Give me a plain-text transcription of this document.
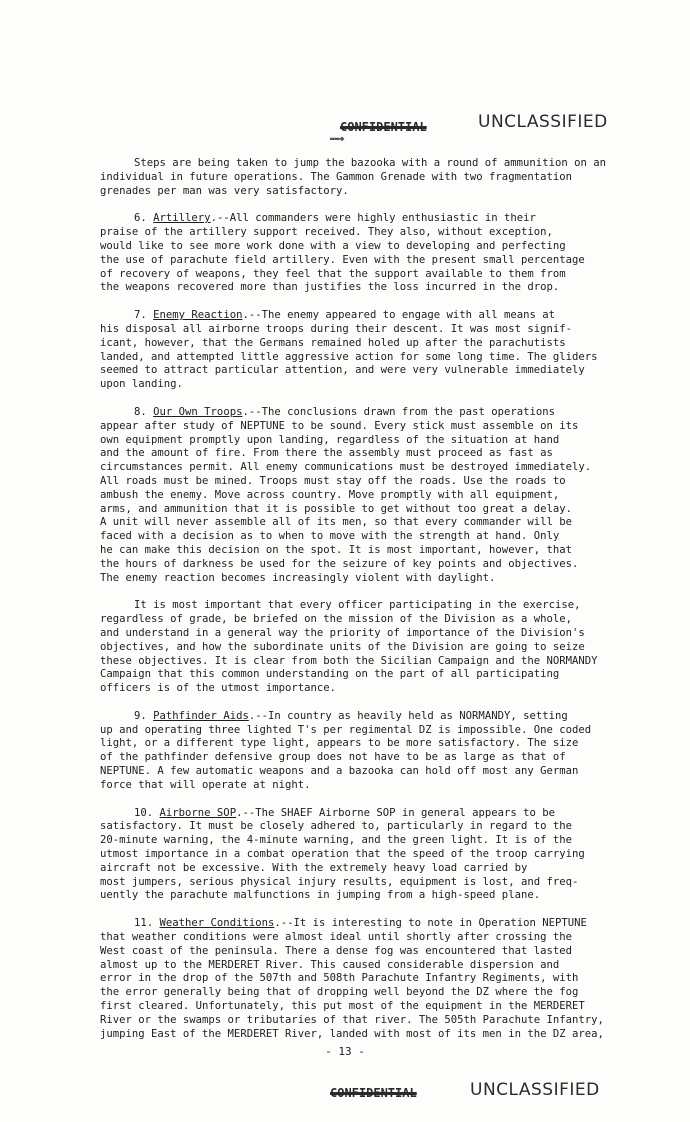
CONFIDENTIAL	UNCLASSIFIED
▬▬◆

Steps are being taken to jump the bazooka with a round of ammunition on an
individual in future operations. The Gammon Grenade with two fragmentation
grenades per man was very satisfactory.

6. Artillery.--All commanders were highly enthusiastic in their
praise of the artillery support received. They also, without exception,
would like to see more work done with a view to developing and perfecting
the use of parachute field artillery. Even with the present small percentage
of recovery of weapons, they feel that the support available to them from
the weapons recovered more than justifies the loss incurred in the drop.

7. Enemy Reaction.--The enemy appeared to engage with all means at
his disposal all airborne troops during their descent. It was most signif-
icant, however, that the Germans remained holed up after the parachutists
landed, and attempted little aggressive action for some long time. The gliders
seemed to attract particular attention, and were very vulnerable immediately
upon landing.

8. Our Own Troops.--The conclusions drawn from the past operations
appear after study of NEPTUNE to be sound. Every stick must assemble on its
own equipment promptly upon landing, regardless of the situation at hand
and the amount of fire. From there the assembly must proceed as fast as
circumstances permit. All enemy communications must be destroyed immediately.
All roads must be mined. Troops must stay off the roads. Use the roads to
ambush the enemy. Move across country. Move promptly with all equipment,
arms, and ammunition that it is possible to get without too great a delay.
A unit will never assemble all of its men, so that every commander will be
faced with a decision as to when to move with the strength at hand. Only
he can make this decision on the spot. It is most important, however, that
the hours of darkness be used for the seizure of key points and objectives.
The enemy reaction becomes increasingly violent with daylight.

It is most important that every officer participating in the exercise,
regardless of grade, be briefed on the mission of the Division as a whole,
and understand in a general way the priority of importance of the Division's
objectives, and how the subordinate units of the Division are going to seize
these objectives. It is clear from both the Sicilian Campaign and the NORMANDY
Campaign that this common understanding on the part of all participating
officers is of the utmost importance.

9. Pathfinder Aids.--In country as heavily held as NORMANDY, setting
up and operating three lighted T's per regimental DZ is impossible. One coded
light, or a different type light, appears to be more satisfactory. The size
of the pathfinder defensive group does not have to be as large as that of
NEPTUNE. A few automatic weapons and a bazooka can hold off most any German
force that will operate at night.

10. Airborne SOP.--The SHAEF Airborne SOP in general appears to be
satisfactory. It must be closely adhered to, particularly in regard to the
20-minute warning, the 4-minute warning, and the green light. It is of the
utmost importance in a combat operation that the speed of the troop carrying
aircraft not be excessive. With the extremely heavy load carried by
most jumpers, serious physical injury results, equipment is lost, and freq-
uently the parachute malfunctions in jumping from a high-speed plane.

11. Weather Conditions.--It is interesting to note in Operation NEPTUNE
that weather conditions were almost ideal until shortly after crossing the
West coast of the peninsula. There a dense fog was encountered that lasted
almost up to the MERDERET River. This caused considerable dispersion and
error in the drop of the 507th and 508th Parachute Infantry Regiments, with
the error generally being that of dropping well beyond the DZ where the fog
first cleared. Unfortunately, this put most of the equipment in the MERDERET
River or the swamps or tributaries of that river. The 505th Parachute Infantry,
jumping East of the MERDERET River, landed with most of its men in the DZ area,

- 13 -
CONFIDENTIAL	UNCLASSIFIED
